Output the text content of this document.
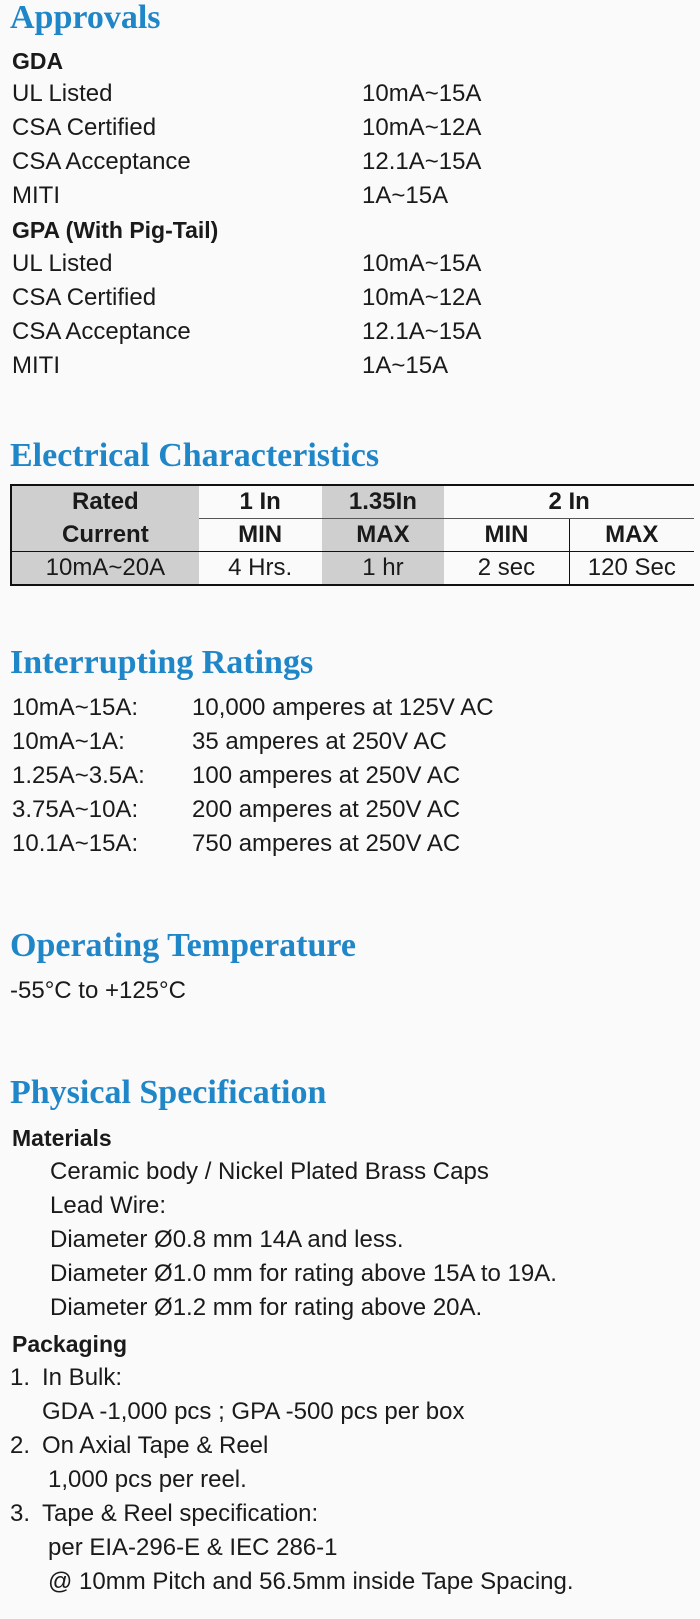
Approvals
GDA
UL Listed	10mA~15A
CSA Certified	10mA~12A
CSA Acceptance	12.1A~15A
MITI	1A~15A
GPA (With Pig-Tail)
UL Listed	10mA~15A
CSA Certified	10mA~12A
CSA Acceptance	12.1A~15A
MITI	1A~15A
Electrical Characteristics
Rated	1 In	1.35In	2 In	
Current	MIN	MAX	MIN	MAX
10mA~20A	4 Hrs.	1 hr	2 sec	120 Sec
Interrupting Ratings
10mA~15A: 10,000 amperes at 125V AC
10mA~1A:	35 amperes at 250V AC
1.25A~3.5A: 100 amperes at 250V AC
3.75A~10A: 200 amperes at 250V AC
10.1A~15A: 750 amperes at 250V AC
Operating Temperature
-55°C to +125°C
Physical Specification
Materials
Ceramic body / Nickel Plated Brass Caps
Lead Wire:
Diameter Ø0.8 mm 14A and less.
Diameter Ø1.0 mm for rating above 15A to 19A.
Diameter Ø1.2 mm for rating above 20A.
Packaging
1. In Bulk:
GDA -1,000 pcs ; GPA -500 pcs per box
2. On Axial Tape & Reel
1,000 pcs per reel.
3. Tape & Reel specification:
per EIA-296-E & IEC 286-1
@ 10mm Pitch and 56.5mm inside Tape Spacing.
